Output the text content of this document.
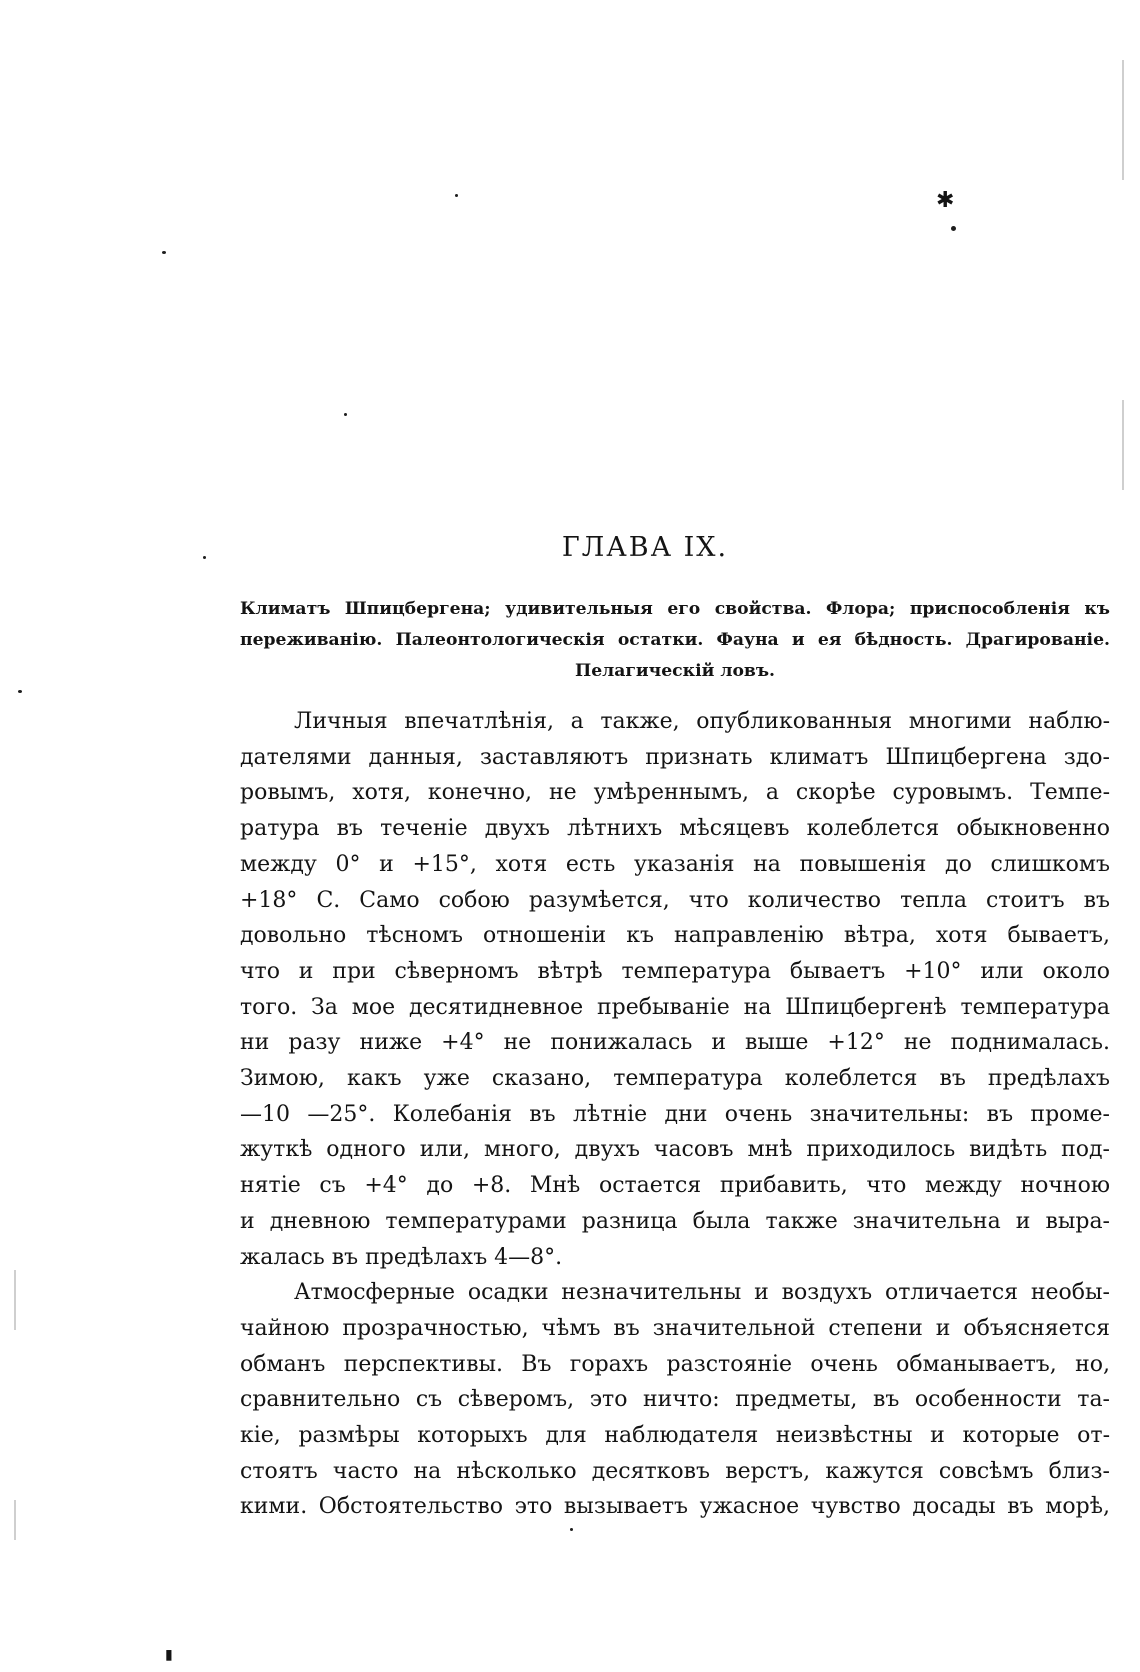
✱
▮
ГЛАВА IX.
Климатъ Шпицбергена; удивительныя его свойства. Флора; приспособленія къ
переживанію. Палеонтологическія остатки. Фауна и ея бѣдность. Драгированіе.
Пелагическій ловъ.
Личныя впечатлѣнія, а также, опубликованныя многими наблю-
дателями данныя, заставляютъ признать климатъ Шпицбергена здо-
ровымъ, хотя, конечно, не умѣреннымъ, а скорѣе суровымъ. Темпе-
ратура въ теченіе двухъ лѣтнихъ мѣсяцевъ колеблется обыкновенно
между 0° и +15°, хотя есть указанія на повышенія до слишкомъ
+18° С. Само собою разумѣется, что количество тепла стоитъ въ
довольно тѣсномъ отношеніи къ направленію вѣтра, хотя бываетъ,
что и при сѣверномъ вѣтрѣ температура бываетъ +10° или около
того. За мое десятидневное пребываніе на Шпицбергенѣ температура
ни разу ниже +4° не понижалась и выше +12° не поднималась.
Зимою, какъ уже сказано, температура колеблется въ предѣлахъ
—10 —25°. Колебанія въ лѣтніе дни очень значительны: въ проме-
жуткѣ одного или, много, двухъ часовъ мнѣ приходилось видѣть под-
нятіе съ +4° до +8. Мнѣ остается прибавить, что между ночною
и дневною температурами разница была также значительна и выра-
жалась въ предѣлахъ 4—8°.
Атмосферные осадки незначительны и воздухъ отличается необы-
чайною прозрачностью, чѣмъ въ значительной степени и объясняется
обманъ перспективы. Въ горахъ разстояніе очень обманываетъ, но,
сравнительно съ сѣверомъ, это ничто: предметы, въ особенности та-
кіе, размѣры которыхъ для наблюдателя неизвѣстны и которые от-
стоятъ часто на нѣсколько десятковъ верстъ, кажутся совсѣмъ близ-
кими. Обстоятельство это вызываетъ ужасное чувство досады въ морѣ,
